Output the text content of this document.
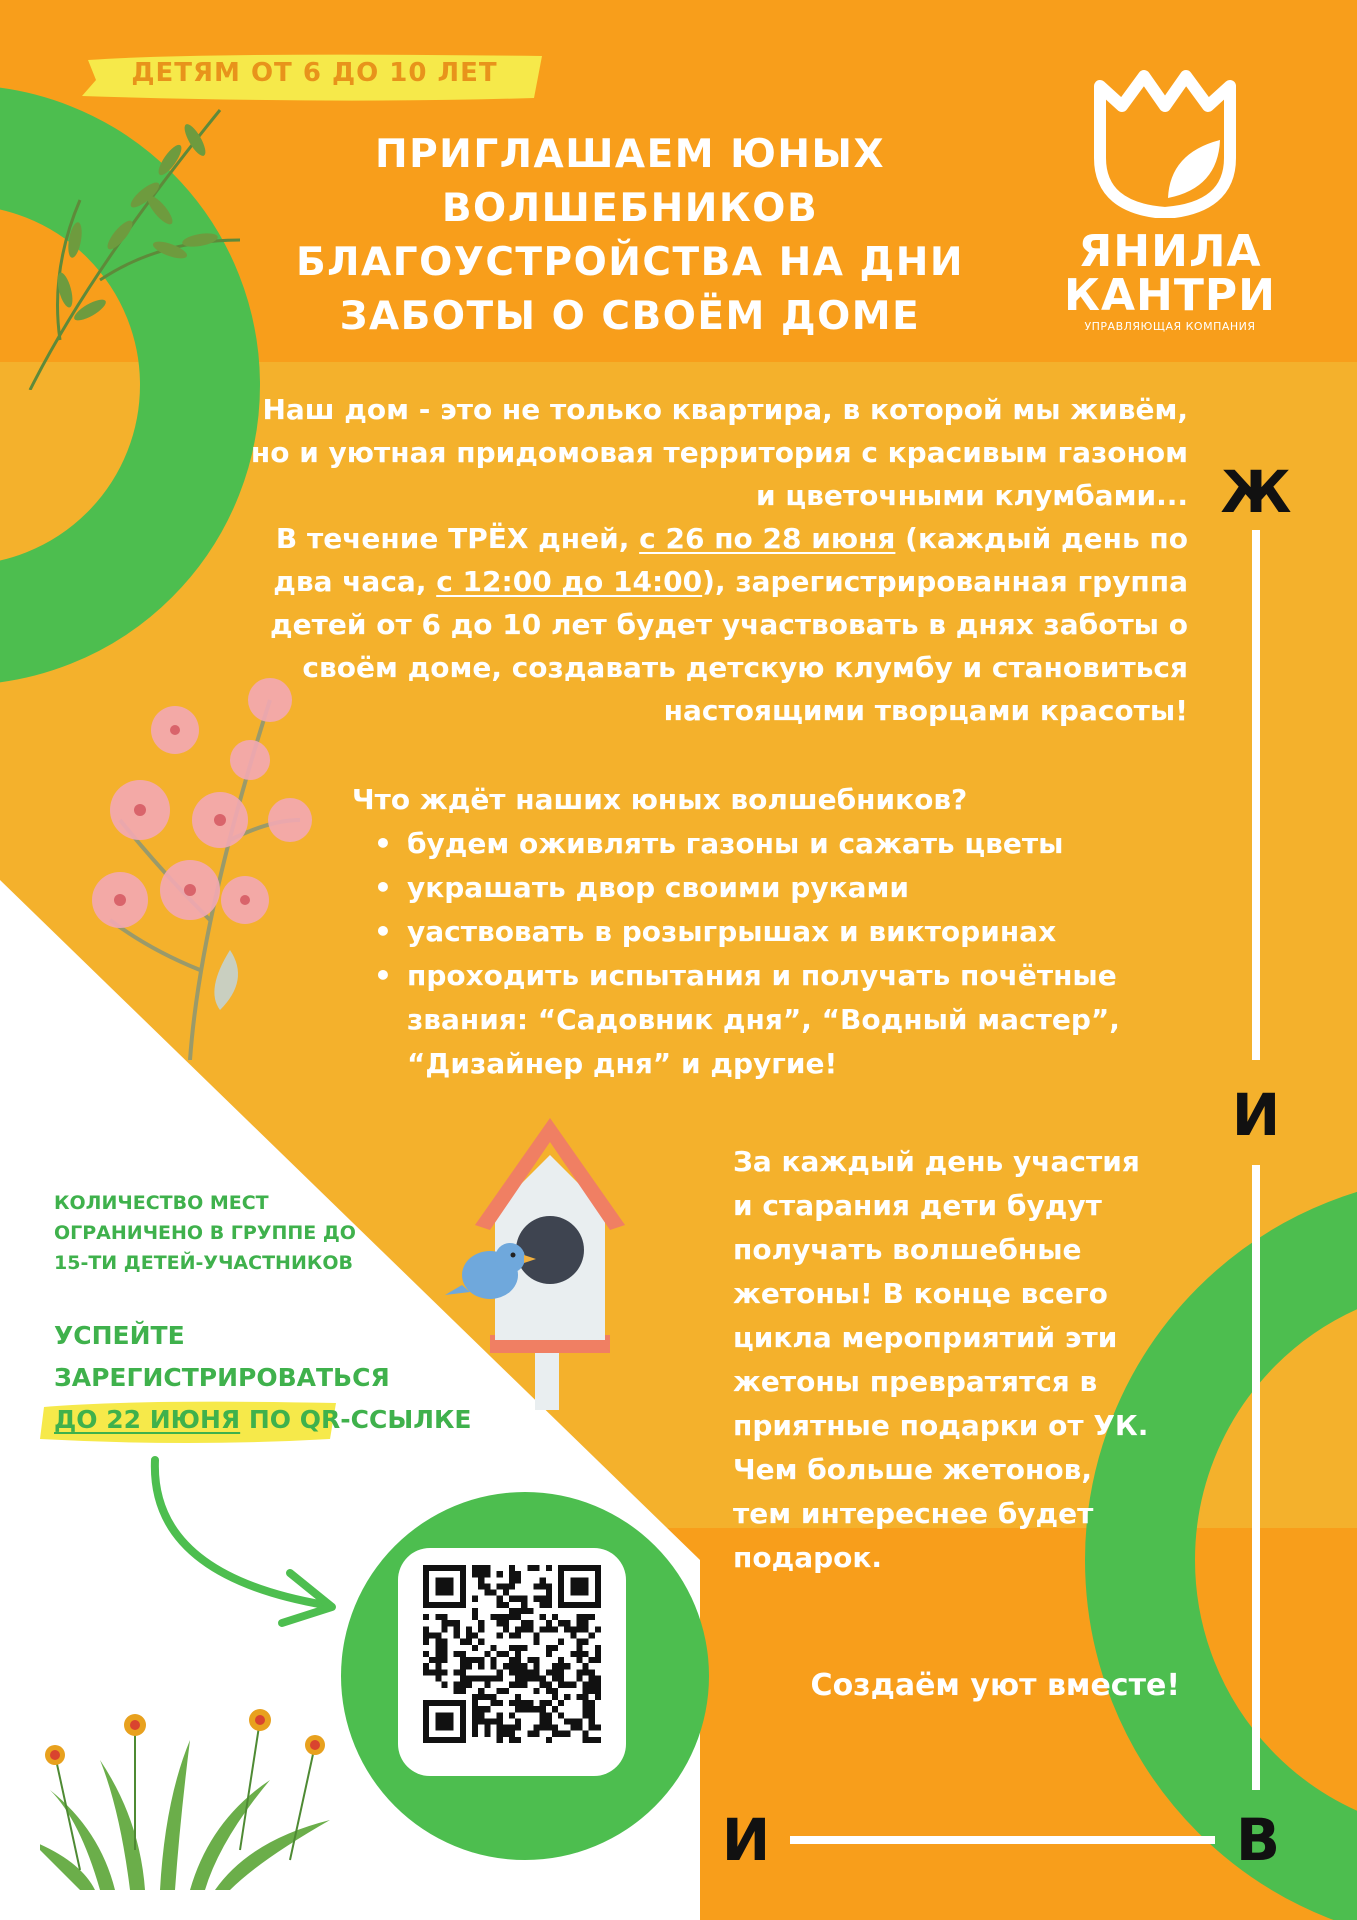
ДЕТЯМ ОТ 6 ДО 10 ЛЕТ
ПРИГЛАШАЕМ ЮНЫХ ВОЛШЕБНИКОВ БЛАГОУСТРОЙСТВА НА ДНИ ЗАБОТЫ О СВОЁМ ДОМЕ
ЯНИЛА
КАНТРИ
УПРАВЛЯЮЩАЯ КОМПАНИЯ
Наш дом - это не только квартира, в которой мы живём,
но и уютная придомовая территория с красивым газоном
и цветочными клумбами...
В течение ТРЁХ дней, с 26 по 28 июня (каждый день по
два часа, с 12:00 до 14:00), зарегистрированная группа
детей от 6 до 10 лет будет участвовать в днях заботы о
своём доме, создавать детскую клумбу и становиться
настоящими творцами красоты!
Что ждёт наших юных волшебников?
• будем оживлять газоны и сажать цветы
• украшать двор своими руками
• уаствовать в розыгрышах и викторинах
• проходить испытания и получать почётные
звания: “Садовник дня”, “Водный мастер”,
“Дизайнер дня” и другие!
За каждый день участия
и старания дети будут
получать волшебные
жетоны! В конце всего
цикла мероприятий эти
жетоны превратятся в
приятные подарки от УК.
Чем больше жетонов,
тем интереснее будет
подарок.
Создаём уют вместе!
КОЛИЧЕСТВО МЕСТ
ОГРАНИЧЕНО В ГРУППЕ ДО
15-ТИ ДЕТЕЙ-УЧАСТНИКОВ
УСПЕЙТЕ
ЗАРЕГИСТРИРОВАТЬСЯ
ДО 22 ИЮНЯ ПО QR-ССЫЛКЕ
Ж
И
И	В
